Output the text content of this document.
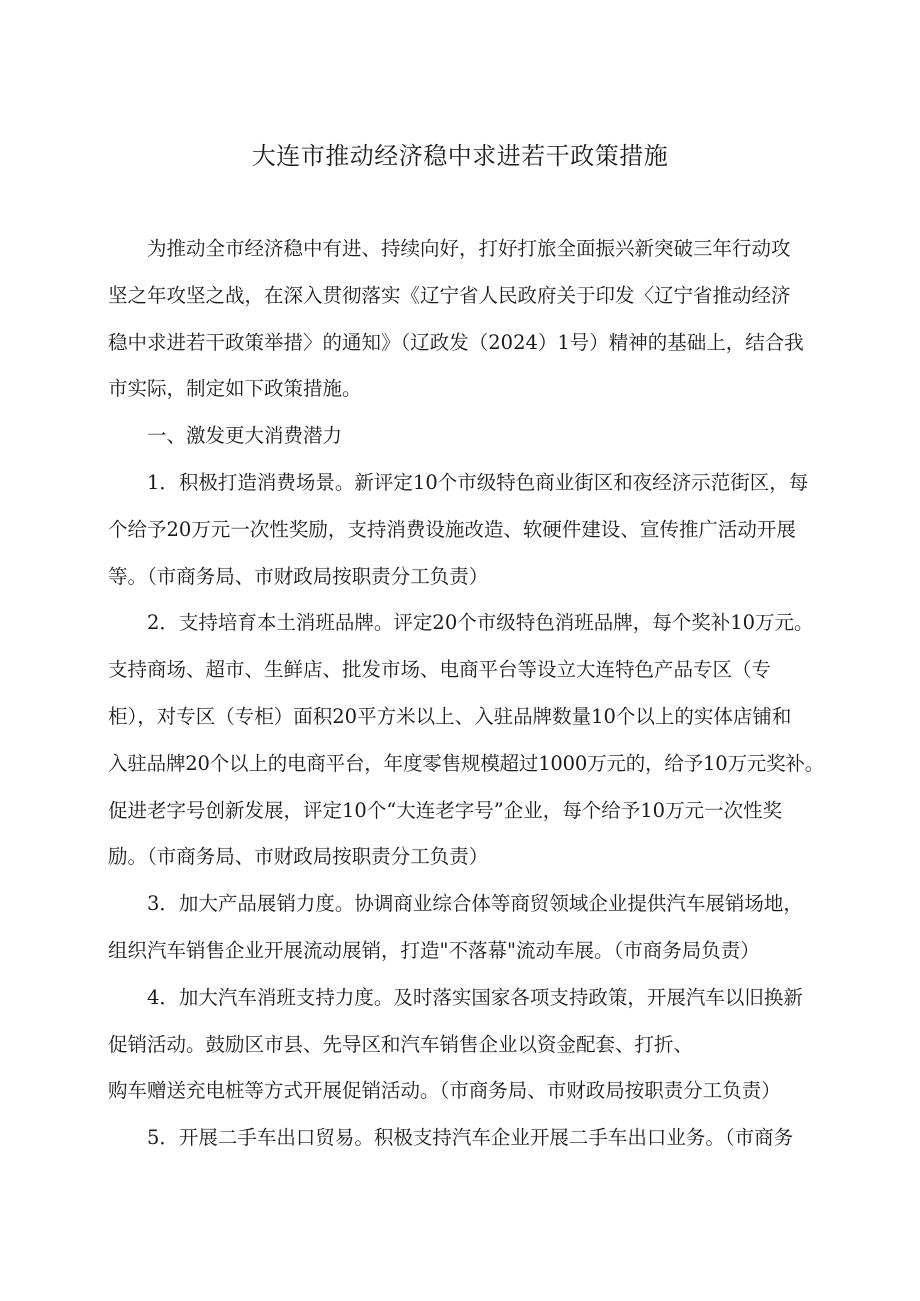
大连市推动经济稳中求进若干政策措施

为推动全市经济稳中有进、持续向好，打好打旅全面振兴新突破三年行动攻
坚之年攻坚之战，在深入贯彻落实《辽宁省人民政府关于印发〈辽宁省推动经济
稳中求进若干政策举措〉的通知》（辽政发（2024）1号）精神的基础上，结合我
市实际，制定如下政策措施。

一、激发更大消费潜力

1．积极打造消费场景。新评定10个市级特色商业街区和夜经济示范街区，每
个给予20万元一次性奖励，支持消费设施改造、软硬件建设、宣传推广活动开展
等。（市商务局、市财政局按职责分工负责）

2．支持培育本土消班品牌。评定20个市级特色消班品牌，每个奖补10万元。
支持商场、超市、生鲜店、批发市场、电商平台等设立大连特色产品专区（专
柜），对专区（专柜）面积20平方米以上、入驻品牌数量10个以上的实体店铺和
入驻品牌20个以上的电商平台，年度零售规模超过1000万元的，给予10万元奖补。
促进老字号创新发展，评定10个“大连老字号”企业，每个给予10万元一次性奖
励。（市商务局、市财政局按职责分工负责）

3．加大产品展销力度。协调商业综合体等商贸领域企业提供汽车展销场地，
组织汽车销售企业开展流动展销，打造"不落幕"流动车展。（市商务局负责）

4．加大汽车消班支持力度。及时落实国家各项支持政策，开展汽车以旧换新
促销活动。鼓励区市县、先导区和汽车销售企业以资金配套、打折、
购车赠送充电桩等方式开展促销活动。（市商务局、市财政局按职责分工负责）

5．开展二手车出口贸易。积极支持汽车企业开展二手车出口业务。（市商务
